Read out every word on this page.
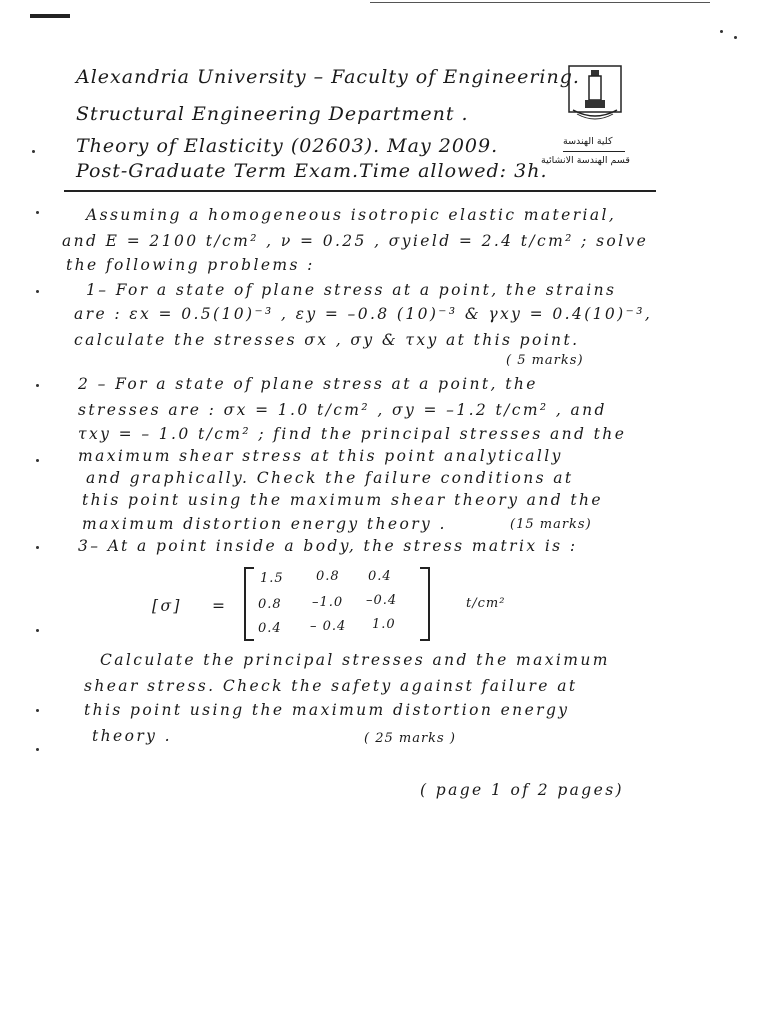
Alexandria University – Faculty of Engineering.
Structural Engineering Department .
Theory of Elasticity (02603). May 2009.
Post-Graduate Term Exam.Time allowed: 3h.
كلية الهندسة
قسم الهندسة الانشائية
Assuming a homogeneous isotropic elastic material,
and E = 2100 t/cm² , ν = 0.25 , σyield = 2.4 t/cm² ; solve
the following problems :
1– For a state of plane stress at a point, the strains
are : εx = 0.5(10)⁻³ , εy = –0.8 (10)⁻³ & γxy = 0.4(10)⁻³,
calculate the stresses σx , σy & τxy at this point.
( 5 marks)
2 – For a state of plane stress at a point, the
stresses are : σx = 1.0 t/cm² , σy = –1.2 t/cm² , and
τxy = – 1.0 t/cm² ; find the principal stresses and the
maximum shear stress at this point analytically
and graphically. Check the failure conditions at
this point using the maximum shear theory and the
maximum distortion energy theory .	(15 marks)
3– At a point inside a body, the stress matrix is :
[σ] =
1.5 0.8 0.4
0.8 –1.0 –0.4
0.4 – 0.4 1.0
t/cm²
Calculate the principal stresses and the maximum
shear stress. Check the safety against failure at
this point using the maximum distortion energy
theory .	( 25 marks )
( page 1 of 2 pages)
